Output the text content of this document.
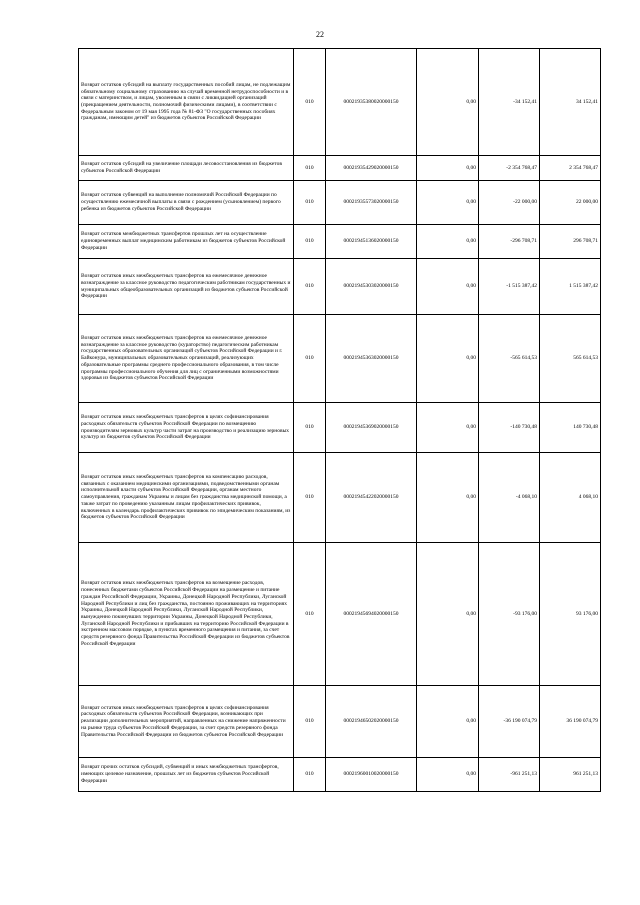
22
Возврат остатков субсидий на выплату государственных пособий лицам, не подлежащим обязательному социальному страхованию на случай временной нетрудоспособности и в связи с материнством, и лицам, уволенным в связи с ликвидацией организаций (прекращением деятельности, полномочий физическими лицами), в соответствии с Федеральным законом от 19 мая 1995 года № 81-ФЗ "О государственных пособиях гражданам, имеющим детей" из бюджетов субъектов Российской Федерации	010	00021935380020000150	0,00	-34 152,41	34 152,41
Возврат остатков субсидий на увеличение площади лесовосстановления из бюджетов субъектов Российской Федерации	010	00021935429020000150	0,00	-2 354 768,47	2 354 768,47
Возврат остатков субвенций на выполнение полномочий Российской Федерации по осуществлению ежемесячной выплаты в связи с рождением (усыновлением) первого ребенка из бюджетов субъектов Российской Федерации	010	00021935573020000150	0,00	-22 000,00	22 000,00
Возврат остатков межбюджетных трансфертов прошлых лет на осуществление единовременных выплат медицинским работникам из бюджетов субъектов Российской Федерации	010	00021945136020000150	0,00	-296 708,71	296 708,71
Возврат остатков иных межбюджетных трансфертов на ежемесячное денежное вознаграждение за классное руководство педагогическим работникам государственных и муниципальных общеобразовательных организаций из бюджетов субъектов Российской Федерации	010	00021945303020000150	0,00	-1 515 387,42	1 515 387,42
Возврат остатков иных межбюджетных трансфертов на ежемесячное денежное вознаграждение за классное руководство (кураторство) педагогическим работникам государственных образовательных организаций субъектов Российской Федерации и г. Байконура, муниципальных образовательных организаций, реализующих образовательные программы среднего профессионального образования, в том числе программы профессионального обучения для лиц с ограниченными возможностями здоровья из бюджетов субъектов Российской Федерации	010	00021945363020000150	0,00	-565 614,53	565 614,53
Возврат остатков иных межбюджетных трансфертов в целях софинансирования расходных обязательств субъектов Российской Федерации по возмещению производителям зерновых культур части затрат на производство и реализацию зерновых культур из бюджетов субъектов Российской Федерации	010	00021945369020000150	0,00	-140 730,48	140 730,48
Возврат остатков иных межбюджетных трансфертов на компенсацию расходов, связанных с оказанием медицинскими организациями, подведомственными органам исполнительной власти субъектов Российской Федерации, органам местного самоуправления, гражданам Украины и лицам без гражданства медицинской помощи, а также затрат по проведению указанным лицам профилактических прививок, включенных в календарь профилактических прививок по эпидемическим показаниям, из бюджетов субъектов Российской Федерации	010	00021945422020000150	0,00	-4 068,10	4 068,10
Возврат остатков иных межбюджетных трансфертов на возмещение расходов, понесенных бюджетами субъектов Российской Федерации на размещение и питание граждан Российской Федерации, Украины, Донецкой Народной Республики, Луганской Народной Республики и лиц без гражданства, постоянно проживающих на территориях Украины, Донецкой Народной Республики, Луганской Народной Республики, вынужденно покинувших территории Украины, Донецкой Народной Республики, Луганской Народной Республики и прибывших на территорию Российской Федерации в экстренном массовом порядке, в пунктах временного размещения и питания, за счет средств резервного фонда Правительства Российской Федерации из бюджетов субъектов Российской Федерации	010	00021945694020000150	0,00	-93 176,00	93 176,00
Возврат остатков иных межбюджетных трансфертов в целях софинансирования расходных обязательств субъектов Российской Федерации, возникающих при реализации дополнительных мероприятий, направленных на снижение напряженности на рынке труда субъектов Российской Федерации, за счет средств резервного фонда Правительства Российской Федерации из бюджетов субъектов Российской Федерации	010	00021946502020000150	0,00	-36 190 074,79	36 190 074,79
Возврат прочих остатков субсидий, субвенций и иных межбюджетных трансфертов, имеющих целевое назначение, прошлых лет из бюджетов субъектов Российской Федерации	010	00021960010020000150	0,00	-961 251,13	961 251,13
